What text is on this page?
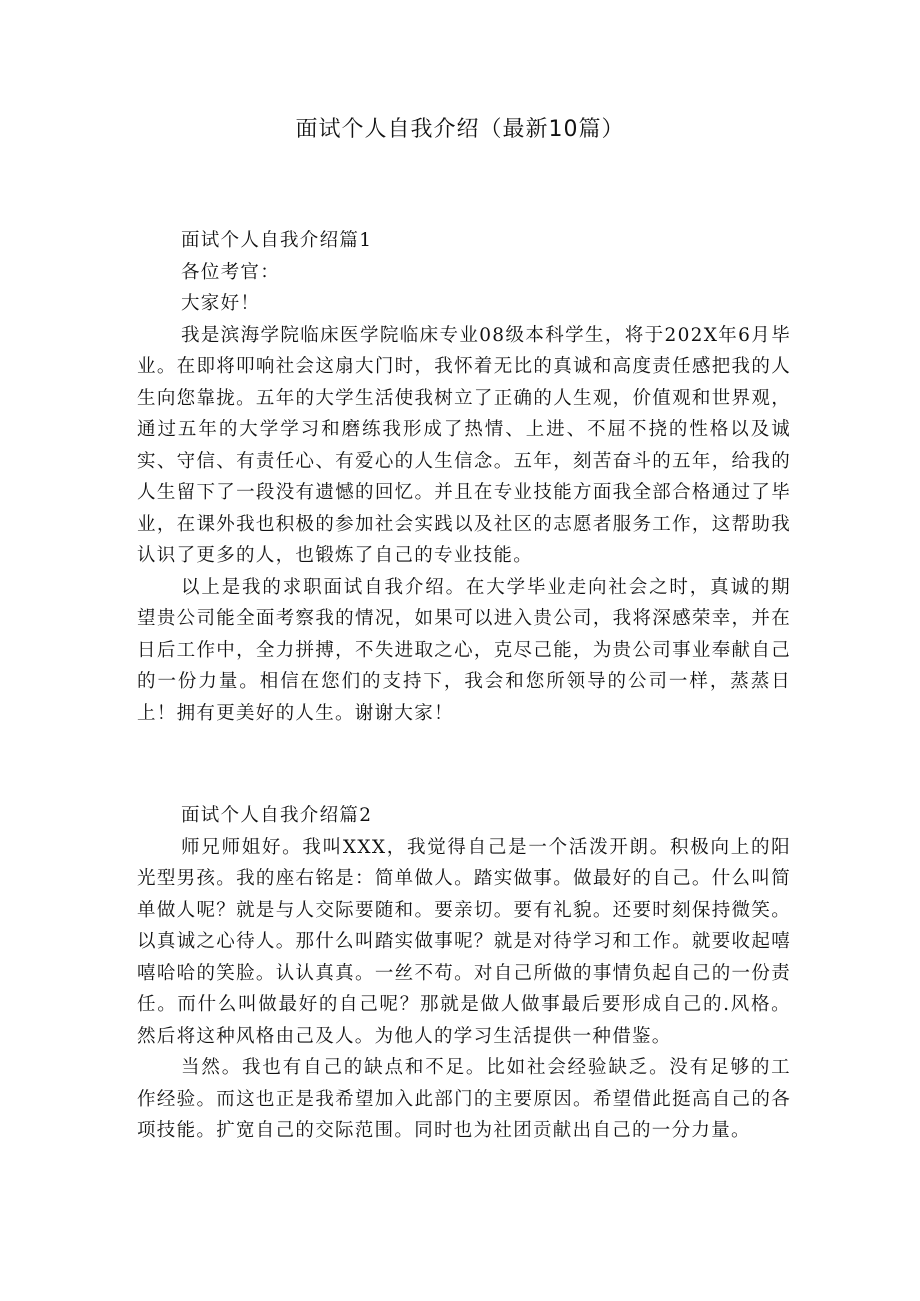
面试个人自我介绍（最新10篇）

面试个人自我介绍篇1

各位考官：

大家好！

我是滨海学院临床医学院临床专业08级本科学生，将于202X年6月毕业。在即将叩响社会这扇大门时，我怀着无比的真诚和高度责任感把我的人生向您靠拢。五年的大学生活使我树立了正确的人生观，价值观和世界观，通过五年的大学学习和磨练我形成了热情、上进、不屈不挠的性格以及诚实、守信、有责任心、有爱心的人生信念。五年，刻苦奋斗的五年，给我的人生留下了一段没有遗憾的回忆。并且在专业技能方面我全部合格通过了毕业，在课外我也积极的参加社会实践以及社区的志愿者服务工作，这帮助我认识了更多的人，也锻炼了自己的专业技能。

以上是我的求职面试自我介绍。在大学毕业走向社会之时，真诚的期望贵公司能全面考察我的情况，如果可以进入贵公司，我将深感荣幸，并在日后工作中，全力拼搏，不失进取之心，克尽己能，为贵公司事业奉献自己的一份力量。相信在您们的支持下，我会和您所领导的公司一样，蒸蒸日上！拥有更美好的人生。谢谢大家！

面试个人自我介绍篇2

师兄师姐好。我叫XXX，我觉得自己是一个活泼开朗。积极向上的阳光型男孩。我的座右铭是：简单做人。踏实做事。做最好的自己。什么叫简单做人呢？就是与人交际要随和。要亲切。要有礼貌。还要时刻保持微笑。以真诚之心待人。那什么叫踏实做事呢？就是对待学习和工作。就要收起嘻嘻哈哈的笑脸。认认真真。一丝不苟。对自己所做的事情负起自己的一份责任。而什么叫做最好的自己呢？那就是做人做事最后要形成自己的.风格。然后将这种风格由己及人。为他人的学习生活提供一种借鉴。

当然。我也有自己的缺点和不足。比如社会经验缺乏。没有足够的工作经验。而这也正是我希望加入此部门的主要原因。希望借此挺高自己的各项技能。扩宽自己的交际范围。同时也为社团贡献出自己的一分力量。
